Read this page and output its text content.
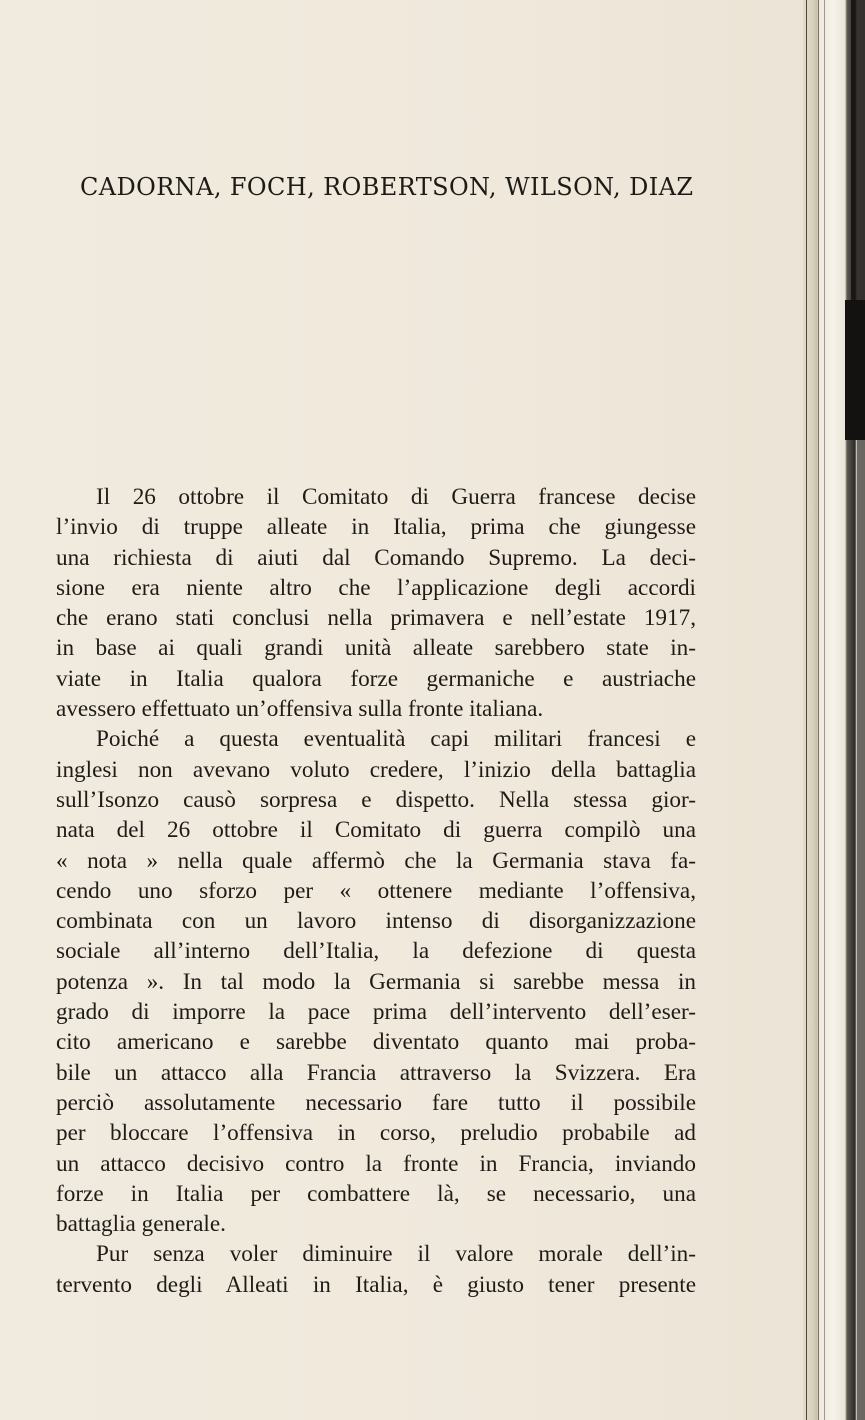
CADORNA, FOCH, ROBERTSON, WILSON, DIAZ
Il 26 ottobre il Comitato di Guerra francese decise
l’invio di truppe alleate in Italia, prima che giungesse
una richiesta di aiuti dal Comando Supremo. La deci-
sione era niente altro che l’applicazione degli accordi
che erano stati conclusi nella primavera e nell’estate 1917,
in base ai quali grandi unità alleate sarebbero state in-
viate in Italia qualora forze germaniche e austriache
avessero effettuato un’offensiva sulla fronte italiana.
Poiché a questa eventualità capi militari francesi e
inglesi non avevano voluto credere, l’inizio della battaglia
sull’Isonzo causò sorpresa e dispetto. Nella stessa gior-
nata del 26 ottobre il Comitato di guerra compilò una
« nota » nella quale affermò che la Germania stava fa-
cendo uno sforzo per « ottenere mediante l’offensiva,
combinata con un lavoro intenso di disorganizzazione
sociale all’interno dell’Italia, la defezione di questa
potenza ». In tal modo la Germania si sarebbe messa in
grado di imporre la pace prima dell’intervento dell’eser-
cito americano e sarebbe diventato quanto mai proba-
bile un attacco alla Francia attraverso la Svizzera. Era
perciò assolutamente necessario fare tutto il possibile
per bloccare l’offensiva in corso, preludio probabile ad
un attacco decisivo contro la fronte in Francia, inviando
forze in Italia per combattere là, se necessario, una
battaglia generale.
Pur senza voler diminuire il valore morale dell’in-
tervento degli Alleati in Italia, è giusto tener presente
